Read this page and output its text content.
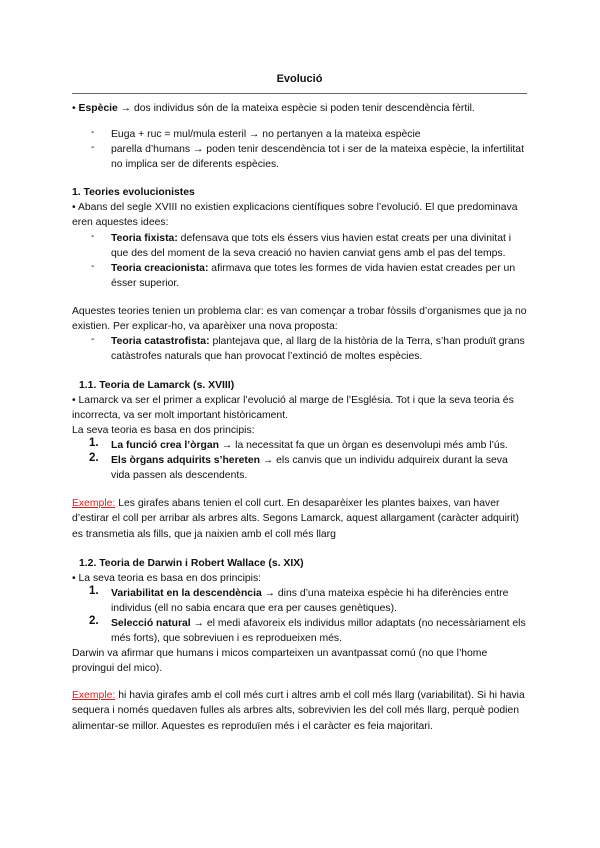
Evolució
• Espècie → dos individus són de la mateixa espècie si poden tenir descendència fèrtil.
- Euga + ruc = mul/mula esteril → no pertanyen a la mateixa espècie
- parella d’humans → poden tenir descendència tot i ser de la mateixa espècie, la infertilitat no implica ser de diferents espècies.
1. Teories evolucionistes
• Abans del segle XVIII no existien explicacions científiques sobre l’evolució. El que predominava eren aquestes idees:
- Teoria fixista: defensava que tots els éssers vius havien estat creats per una divinitat i que des del moment de la seva creació no havien canviat gens amb el pas del temps.
- Teoria creacionista: afirmava que totes les formes de vida havien estat creades per un ésser superior.
Aquestes teories tenien un problema clar: es van començar a trobar fòssils d’organismes que ja no existien. Per explicar-ho, va aparèixer una nova proposta:
- Teoria catastrofista: plantejava que, al llarg de la història de la Terra, s’han produït grans catàstrofes naturals que han provocat l’extinció de moltes espècies.
1.1. Teoria de Lamarck (s. XVIII)
• Lamarck va ser el primer a explicar l’evolució al marge de l’Església. Tot i que la seva teoria és incorrecta, va ser molt important històricament.
La seva teoria es basa en dos principis:
1. La funció crea l’òrgan → la necessitat fa que un òrgan es desenvolupi més amb l’ús.
2. Els òrgans adquirits s’hereten → els canvis que un individu adquireix durant la seva vida passen als descendents.
Exemple: Les girafes abans tenien el coll curt. En desaparèixer les plantes baixes, van haver d’estirar el coll per arribar als arbres alts. Segons Lamarck, aquest allargament (caràcter adquirit) es transmetia als fills, que ja naixien amb el coll més llarg
1.2. Teoria de Darwin i Robert Wallace (s. XIX)
• La seva teoria es basa en dos principis:
1. Variabilitat en la descendència → dins d’una mateixa espècie hi ha diferències entre individus (ell no sabia encara que era per causes genètiques).
2. Selecció natural → el medi afavoreix els individus millor adaptats (no necessàriament els més forts), que sobreviuen i es reprodueixen més.
Darwin va afirmar que humans i micos comparteixen un avantpassat comú (no que l’home provingui del mico).
Exemple: hi havia girafes amb el coll més curt i altres amb el coll més llarg (variabilitat). Si hi havia sequera i només quedaven fulles als arbres alts, sobrevivien les del coll més llarg, perquè podien alimentar-se millor. Aquestes es reproduïen més i el caràcter es feia majoritari.
